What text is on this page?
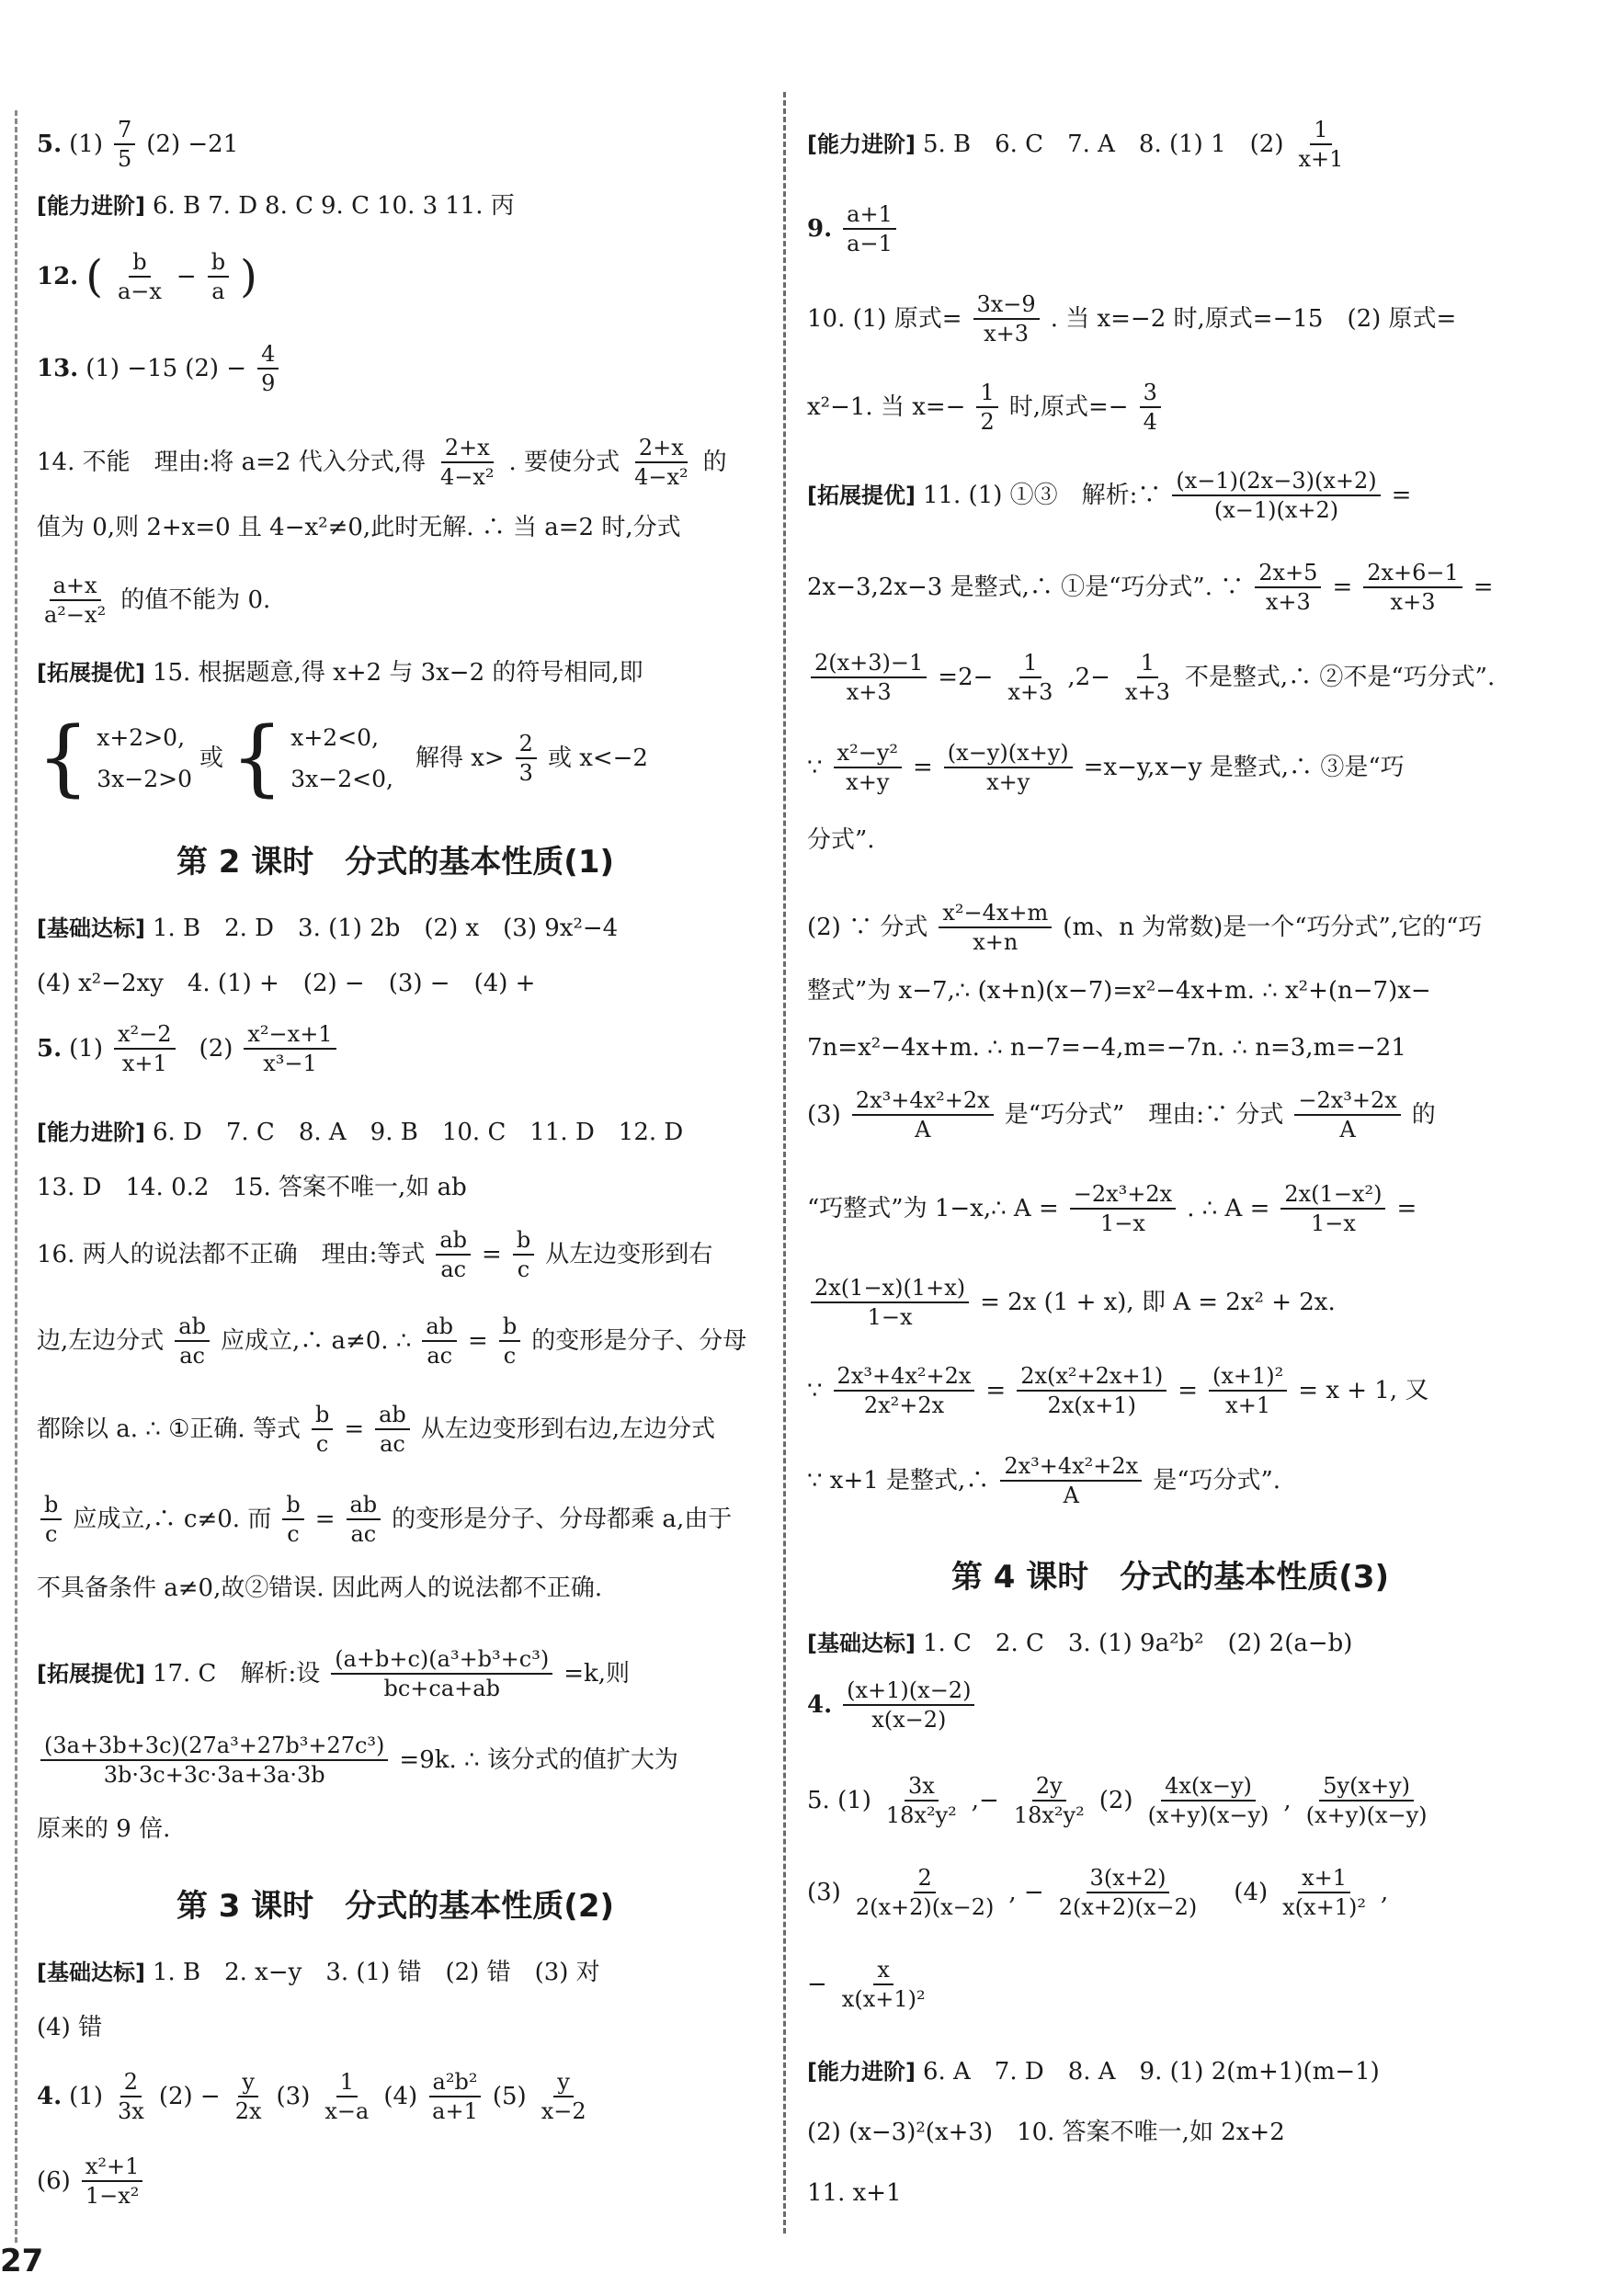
5. $(1) \frac{7}{5} (2) -21$
[能力进阶] 6. B 7. D 8. C 9. C 10. 3 11. 丙
12. ( $\frac{b}{a-x} - \frac{b}{a}$ )
13. (1) −15 $(2) - \frac{4}{9}$
14. 不能　理由:将 a=2 代入分式,得 $\frac{2+x}{\text{4−x²}}$ . 要使分式 $\frac{2+x}{\text{4−x²}}$ 的
值为 0,则 2+x=0 且 4−x²≠0,此时无解. ∴ 当 a=2 时,分式
$\frac{a+x}{\text{a²−x²}}$ 的值不能为 0.
[拓展提优] 15. 根据题意,得 x+2 与 3x−2 的符号相同,即
{ x+2>0,
3x−2>0
或 { x+2<0,
3x−2<0,
解得 $x> \frac{2}{3}$ 或 x<−2
第 2 课时　分式的基本性质(1)
[基础达标] 1. B　2. D　3. (1) 2b　(2) x　(3) 9x²−4
(4) x²−2xy　4. (1) +　(2) −　(3) −　(4) +
5. $(1) \frac{\text{x²−2}}{x+1} (2) \frac{\text{x²−x+1}}{\text{x³−1}}$
[能力进阶] 6. D　7. C　8. A　9. B　10. C　11. D　12. D
13. D　14. 0.2　15. 答案不唯一,如 ab
16. 两人的说法都不正确　理由:等式 $\frac{ab}{ac} = \frac{b}{c}$ 从左边变形到右
边,左边分式 $\frac{ab}{ac}$ 应成立,∴ a≠0. ∴ $\frac{ab}{ac} = \frac{b}{c}$ 的变形是分子、分母
都除以 a. ∴ ①正确. 等式 $\frac{b}{c} = \frac{ab}{ac}$ 从左边变形到右边,左边分式
$\frac{b}{c}$ 应成立,∴ c≠0. 而 $\frac{b}{c} = \frac{ab}{ac}$ 的变形是分子、分母都乘 a,由于
不具备条件 a≠0,故②错误. 因此两人的说法都不正确.
[拓展提优] 17. C　解析:设 $\frac{\text{(a+b+c)(a³+b³+c³)}}{bc+ca+ab} =k$,则
$\frac{\text{(3a+3b+3c)(27a³+27b³+27c³)}}{3b\cdot 3c+3c\cdot 3a+3a\cdot 3b} =9k$. ∴ 该分式的值扩大为
原来的 9 倍.
第 3 课时　分式的基本性质(2)
[基础达标] 1. B　2. x−y　3. (1) 错　(2) 错　(3) 对
(4) 错
4. $(1) \frac{2}{3x} (2) - \frac{y}{2x} (3) \frac{1}{x-a} (4) \frac{\text{a²b²}}{a+1} (5) \frac{y}{x-2}$
$(6) \frac{\text{x²+1}}{\text{1−x²}}$
[能力进阶] 5. B　6. C　7. A　8. (1) 1　$(2) \frac{1}{x+1}$
9. $\frac{a+1}{a-1}$
10. (1) 原式= $\frac{3x-9}{x+3}$ . 当 x=−2 时,原式=−15　(2) 原式=
x²−1. 当 $x=- \frac{1}{2}$ 时,原式=− $\frac{3}{4}$
[拓展提优] 11. (1) ①③　解析:∵ $\frac{(x-1)(2x-3)(x+2)}{(x-1)(x+2)}$ =
2x−3,2x−3 是整式,∴ ①是“巧分式”. ∵ $\frac{2x+5}{x+3} = \frac{2x+6-1}{x+3}$ =
$\frac{2(x+3)-1}{x+3} =2- \frac{1}{x+3} ,2- \frac{1}{x+3}$ 不是整式,∴ ②不是“巧分式”.
∵ $\frac{\text{x²−y²}}{x+y} = \frac{(x-y)(x+y)}{x+y} =x-y,x-y$ 是整式,∴ ③是“巧
分式”.
(2) ∵ 分式 $\frac{\text{x²−4x+m}}{x+n} (m$、n 为常数)是一个“巧分式”,它的“巧
整式”为 x−7,∴ (x+n)(x−7)=x²−4x+m. ∴ x²+(n−7)x−
7n=x²−4x+m. ∴ n−7=−4,m=−7n. ∴ n=3,m=−21
$(3) \frac{\text{2x³+4x²+2x}}{A}$ 是“巧分式”　理由:∵ 分式 $\frac{\text{−2x³+2x}}{A}$ 的
“巧整式”为 1−x,∴ $A = \frac{\text{−2x³+2x}}{1-x}$ . ∴ $A = \frac{\text{2x(1−x²)}}{1-x}$ =
$\frac{2x(1-x)(1+x)}{1-x} = 2x$ (1 + x), 即 A = 2x² + 2x.
∵ $\frac{\text{2x³+4x²+2x}}{\text{2x²+2x}} = \frac{\text{2x(x²+2x+1)}}{2x(x+1)} = \frac{\text{(x+1)²}}{x+1} = x + 1$, 又
∵ x+1 是整式,∴ $\frac{\text{2x³+4x²+2x}}{A}$ 是“巧分式”.
第 4 课时　分式的基本性质(3)
[基础达标] 1. C　2. C　3. (1) 9a²b²　(2) 2(a−b)
4. $\frac{(x+1)(x-2)}{x(x-2)}$
5. $(1) \frac{3x}{\text{18x²y²}}$ ,− $\frac{2y}{\text{18x²y²}} (2) \frac{4x(x-y)}{(x+y)(x-y)}$ , $\frac{5y(x+y)}{(x+y)(x-y)}$
$(3) \frac{2}{2(x+2)(x-2)}$ , − $\frac{3(x+2)}{2(x+2)(x-2)} (4) \frac{x+1}{\text{x(x+1)²}}$ ,
− $\frac{x}{\text{x(x+1)²}}$
[能力进阶] 6. A　7. D　8. A　9. (1) 2(m+1)(m−1)
(2) (x−3)²(x+3)　10. 答案不唯一,如 2x+2
11. x+1
27
